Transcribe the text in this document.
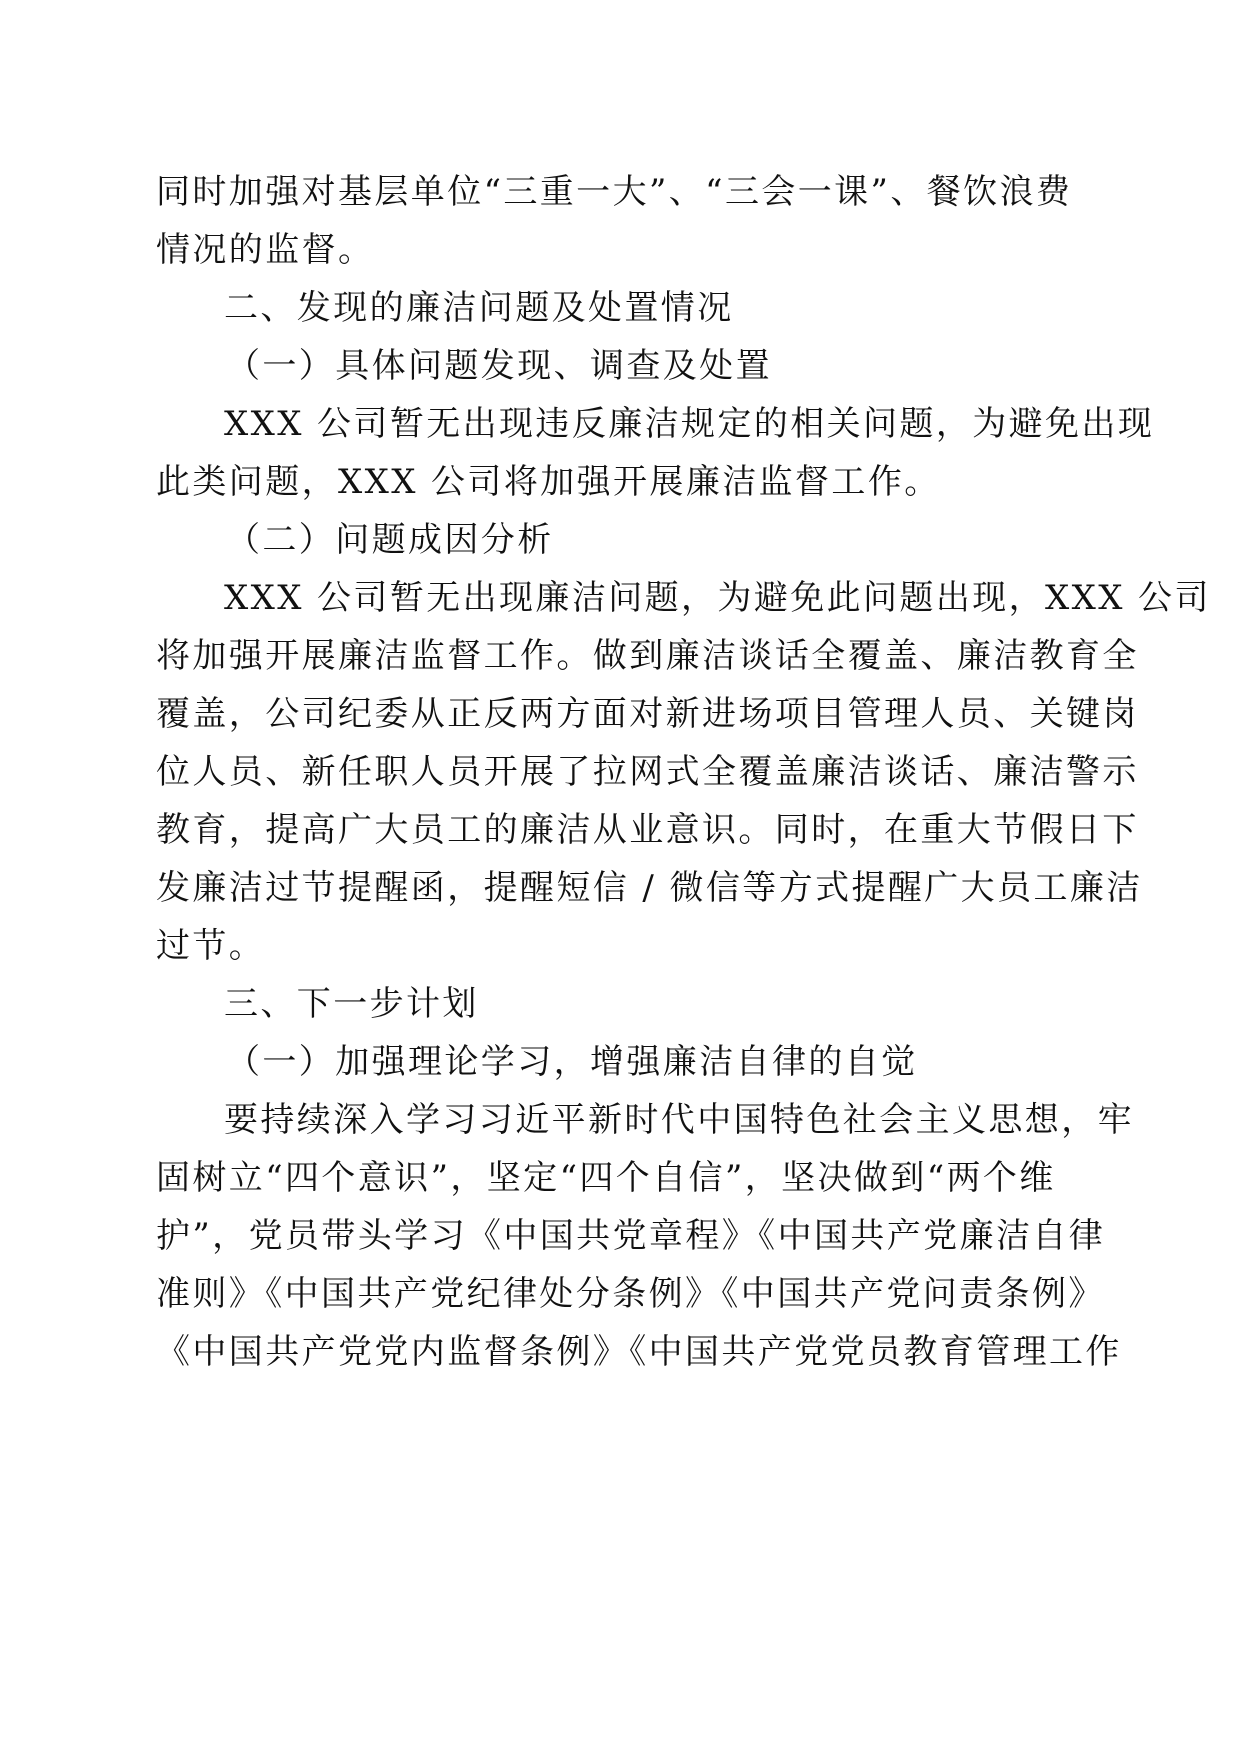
同时加强对基层单位“三重一大”、“三会一课”、餐饮浪费
情况的监督。
二、发现的廉洁问题及处置情况
（一）具体问题发现、调查及处置
XXX 公司暂无出现违反廉洁规定的相关问题，为避免出现
此类问题，XXX 公司将加强开展廉洁监督工作。
（二）问题成因分析
XXX 公司暂无出现廉洁问题，为避免此问题出现，XXX 公司
将加强开展廉洁监督工作。做到廉洁谈话全覆盖、廉洁教育全
覆盖，公司纪委从正反两方面对新进场项目管理人员、关键岗
位人员、新任职人员开展了拉网式全覆盖廉洁谈话、廉洁警示
教育，提高广大员工的廉洁从业意识。同时，在重大节假日下
发廉洁过节提醒函，提醒短信 / 微信等方式提醒广大员工廉洁
过节。
三、下一步计划
（一）加强理论学习，增强廉洁自律的自觉
要持续深入学习习近平新时代中国特色社会主义思想，牢
固树立“四个意识”，坚定“四个自信”，坚决做到“两个维
护”，党员带头学习《中国共党章程》《中国共产党廉洁自律
准则》《中国共产党纪律处分条例》《中国共产党问责条例》
《中国共产党党内监督条例》《中国共产党党员教育管理工作
